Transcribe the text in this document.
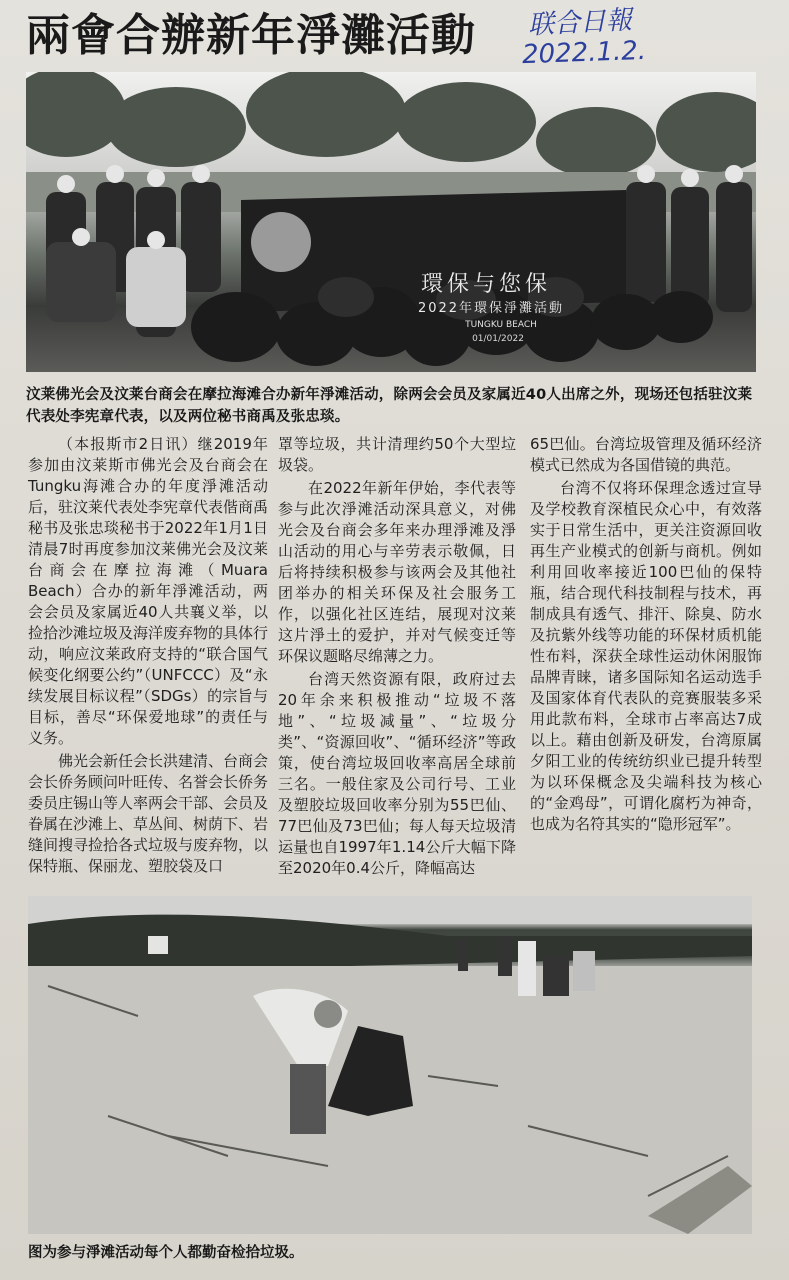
兩會合辦新年淨灘活動	联合日報
2022.1.2.
環保与您保
2022年環保淨灘活動
TUNGKU BEACH
01/01/2022
汶莱佛光会及汶莱台商会在摩拉海滩合办新年淨滩活动，除两会会员及家属近40人出席之外，现场还包括驻汶莱代表处李宪章代表，以及两位秘书商禹及张忠琰。

（本报斯市2日讯）继2019年参加由汶莱斯市佛光会及台商会在Tungku海滩合办的年度淨滩活动后，驻汶莱代表处李宪章代表偕商禹秘书及张忠琰秘书于2022年1月1日清晨7时再度参加汶莱佛光会及汶莱台商会在摩拉海滩（Muara Beach）合办的新年淨滩活动，两会会员及家属近40人共襄义举，以捡拾沙滩垃圾及海洋废弃物的具体行动，响应汶莱政府支持的“联合国气候变化纲要公约”（UNFCCC）及“永续发展目标议程”（SDGs）的宗旨与目标，善尽“环保爱地球”的责任与义务。

佛光会新任会长洪建清、台商会会长侨务顾问叶旺传、名誉会长侨务委员庄锡山等人率两会干部、会员及眷属在沙滩上、草丛间、树荫下、岩缝间搜寻捡拾各式垃圾与废弃物，以保特瓶、保丽龙、塑胶袋及口

罩等垃圾，共计清理约50个大型垃圾袋。

在2022年新年伊始，李代表等参与此次淨滩活动深具意义，对佛光会及台商会多年来办理淨滩及淨山活动的用心与辛劳表示敬佩，日后将持续积极参与该两会及其他社团举办的相关环保及社会服务工作，以强化社区连结，展现对汶莱这片淨土的爱护，并对气候变迁等环保议题略尽绵薄之力。

台湾天然资源有限，政府过去20年余来积极推动“垃圾不落地”、“垃圾减量”、“垃圾分类”、“资源回收”、“循环经济”等政策，使台湾垃圾回收率高居全球前三名。一般住家及公司行号、工业及塑胶垃圾回收率分别为55巴仙、77巴仙及73巴仙；每人每天垃圾清运量也自1997年1.14公斤大幅下降至2020年0.4公斤，降幅高达

65巴仙。台湾垃圾管理及循环经济模式已然成为各国借镜的典范。

台湾不仅将环保理念透过宣导及学校教育深植民众心中，有效落实于日常生活中，更关注资源回收再生产业模式的创新与商机。例如利用回收率接近100巴仙的保特瓶，结合现代科技制程与技术，再制成具有透气、排汗、除臭、防水及抗紫外线等功能的环保材质机能性布料，深获全球性运动休闲服饰品牌青睐，诸多国际知名运动选手及国家体育代表队的竞赛服装多采用此款布料，全球市占率高达7成以上。藉由创新及研发，台湾原属夕阳工业的传统纺织业已提升转型为以环保概念及尖端科技为核心的“金鸡母”，可谓化腐朽为神奇，也成为名符其实的“隐形冠军”。

图为参与淨滩活动每个人都勤奋检拾垃圾。
